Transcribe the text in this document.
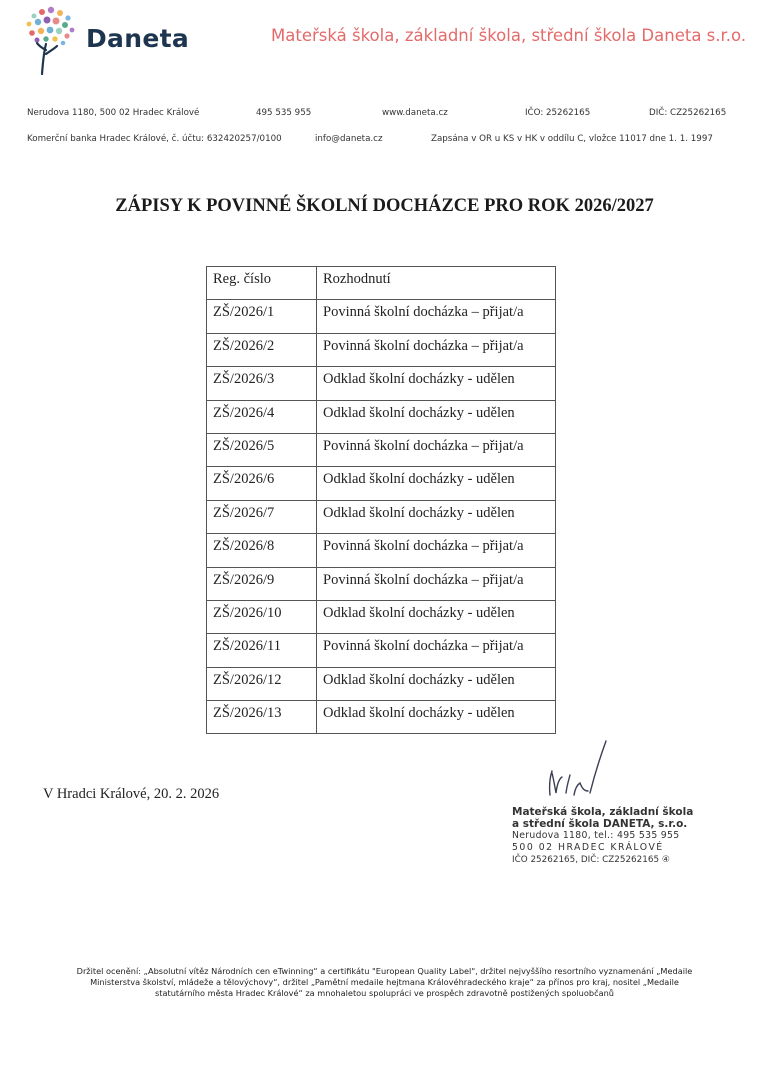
Daneta	Mateřská škola, základní škola, střední škola Daneta s.r.o.
Nerudova 1180, 500 02 Hradec Králové	495 535 955	www.daneta.cz	IČO: 25262165	DIČ: CZ25262165
Komerční banka Hradec Králové, č. účtu: 632420257/0100	info@daneta.cz	Zapsána v OR u KS v HK v oddílu C, vložce 11017 dne 1. 1. 1997
ZÁPISY K POVINNÉ ŠKOLNÍ DOCHÁZCE PRO ROK 2026/2027
Reg. číslo	Rozhodnutí
ZŠ/2026/1	Povinná školní docházka – přijat/a
ZŠ/2026/2	Povinná školní docházka – přijat/a
ZŠ/2026/3	Odklad školní docházky - udělen
ZŠ/2026/4	Odklad školní docházky - udělen
ZŠ/2026/5	Povinná školní docházka – přijat/a
ZŠ/2026/6	Odklad školní docházky - udělen
ZŠ/2026/7	Odklad školní docházky - udělen
ZŠ/2026/8	Povinná školní docházka – přijat/a
ZŠ/2026/9	Povinná školní docházka – přijat/a
ZŠ/2026/10	Odklad školní docházky - udělen
ZŠ/2026/11	Povinná školní docházka – přijat/a
ZŠ/2026/12	Odklad školní docházky - udělen
ZŠ/2026/13	Odklad školní docházky - udělen
V Hradci Králové, 20. 2. 2026
Mateřská škola, základní škola
a střední škola DANETA, s.r.o.
Nerudova 1180, tel.: 495 535 955
500 02 HRADEC KRÁLOVÉ
IČO 25262165, DIČ: CZ25262165 ④
Držitel ocenění: „Absolutní vítěz Národních cen eTwinning“ a certifikátu "European Quality Label", držitel nejvyššího resortního vyznamenání „Medaile
Ministerstva školství, mládeže a tělovýchovy“, držitel „Pamětní medaile hejtmana Královéhradeckého kraje“ za přínos pro kraj, nositel „Medaile
statutárního města Hradec Králové“ za mnohaletou spolupráci ve prospěch zdravotně postižených spoluobčanů
